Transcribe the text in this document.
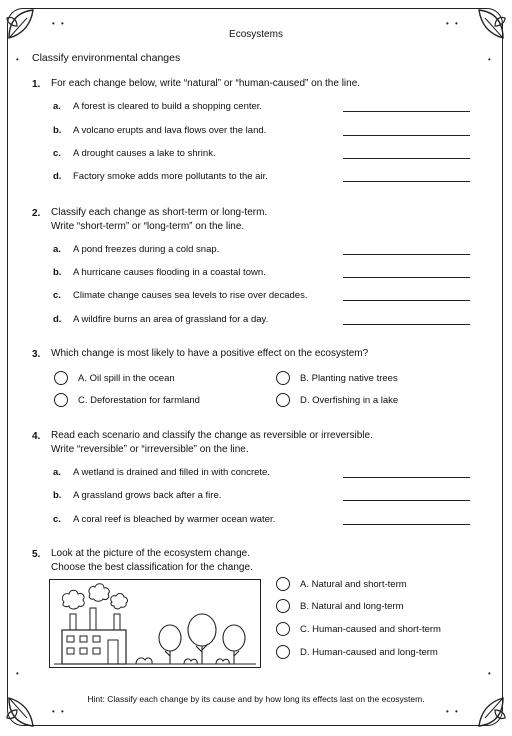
• •	• •
• •	• •
•	•
•	•
Ecosystems
Classify environmental changes
1. For each change below, write “natural” or “human-caused” on the line.
a. A forest is cleared to build a shopping center.
b. A volcano erupts and lava flows over the land.
c. A drought causes a lake to shrink.
d. Factory smoke adds more pollutants to the air.
2. Classify each change as short-term or long-term.
Write “short-term” or “long-term” on the line.
a. A pond freezes during a cold snap.
b. A hurricane causes flooding in a coastal town.
c. Climate change causes sea levels to rise over decades.
d. A wildfire burns an area of grassland for a day.
3. Which change is most likely to have a positive effect on the ecosystem?
A. Oil spill in the ocean	B. Planting native trees
C. Deforestation for farmland	D. Overfishing in a lake
4. Read each scenario and classify the change as reversible or irreversible.
Write “reversible” or “irreversible” on the line.
a. A wetland is drained and filled in with concrete.
b. A grassland grows back after a fire.
c. A coral reef is bleached by warmer ocean water.
5. Look at the picture of the ecosystem change.
Choose the best classification for the change.
A. Natural and short-term
B. Natural and long-term
C. Human-caused and short-term
D. Human-caused and long-term
Hint: Classify each change by its cause and by how long its effects last on the ecosystem.
